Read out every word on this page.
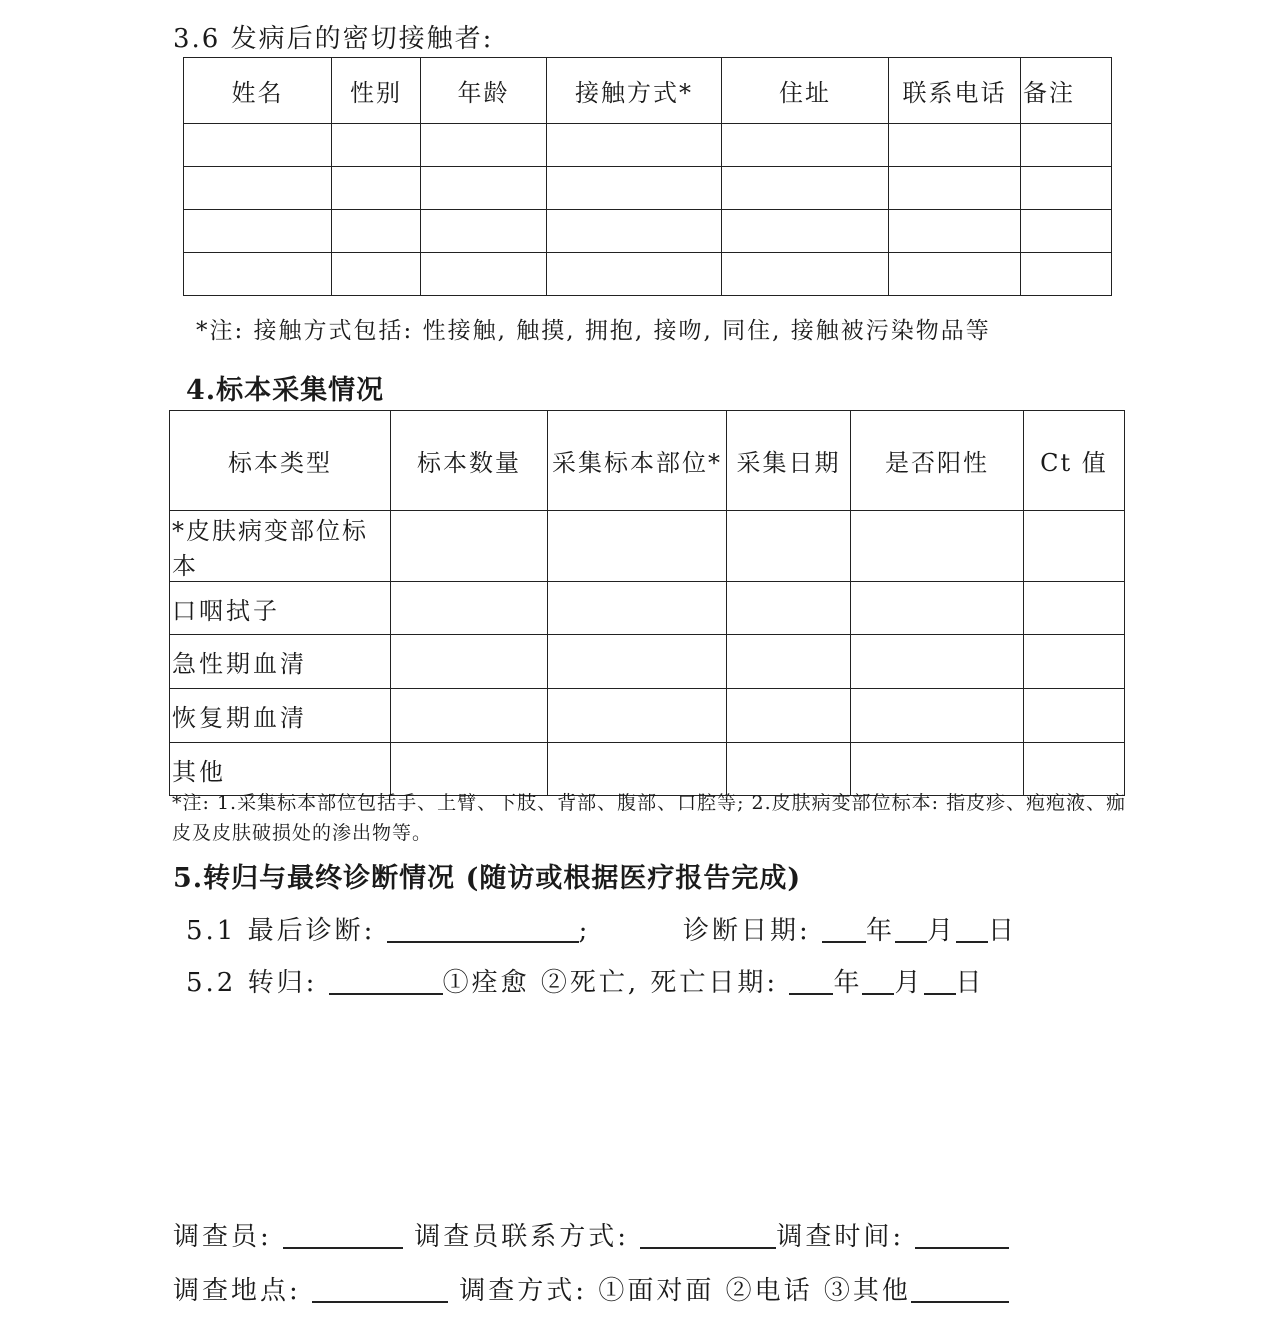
3.6 发病后的密切接触者:
姓名	性别	年龄	接触方式*	住址	联系电话	备注

*注: 接触方式包括: 性接触, 触摸, 拥抱, 接吻, 同住, 接触被污染物品等
4.标本采集情况
标本类型	标本数量	采集标本部位*	采集日期	是否阳性	Ct 值
*皮肤病变部位标本					
口咽拭子					
急性期血清					
恢复期血清					
其他					
*注: 1.采集标本部位包括手、上臂、下肢、背部、腹部、口腔等; 2.皮肤病变部位标本: 指皮疹、疱疱液、痂皮及皮肤破损处的渗出物等。
5.转归与最终诊断情况 (随访或根据医疗报告完成)
5.1 最后诊断:	;	诊断日期: 年 月 日
5.2 转归:	①痊愈 ②死亡, 死亡日期: 年 月 日
调查员:	调查员联系方式:	调查时间:
调查地点:	调查方式: ①面对面 ②电话 ③其他
